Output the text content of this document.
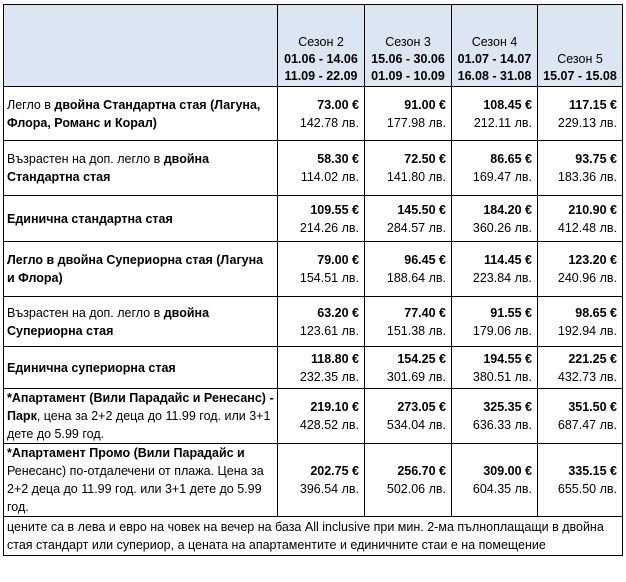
	Сезон 2
01.06 - 14.06
11.09 - 22.09	Сезон 3
15.06 - 30.06
01.09 - 10.09	Сезон 4
01.07 - 14.07
16.08 - 31.08	Сезон 5
15.07 - 15.08

Легло в двойна Стандартна стая (Лагуна, Флора, Романс и Корал)	73.00 €
142.78 лв.	91.00 €
177.98 лв.	108.45 €
212.11 лв.	117.15 €
229.13 лв.

Възрастен на доп. легло в двойна Стандартна стая	58.30 €
114.02 лв.	72.50 €
141.80 лв.	86.65 €
169.47 лв.	93.75 €
183.36 лв.

Единична стандартна стая	109.55 €
214.26 лв.	145.50 €
284.57 лв.	184.20 €
360.26 лв.	210.90 €
412.48 лв.

Легло в двойна Супериорна стая (Лагуна и Флора)	79.00 €
154.51 лв.	96.45 €
188.64 лв.	114.45 €
223.84 лв.	123.20 €
240.96 лв.

Възрастен на доп. легло в двойна Супериорна стая	63.20 €
123.61 лв.	77.40 €
151.38 лв.	91.55 €
179.06 лв.	98.65 €
192.94 лв.

Единична супериорна стая	118.80 €
232.35 лв.	154.25 €
301.69 лв.	194.55 €
380.51 лв.	221.25 €
432.73 лв.

*Апартамент (Вили Парадайс и Ренесанс) - Парк, цена за 2+2 деца до 11.99 год. или 3+1 дете до 5.99 год.	219.10 €
428.52 лв.	273.05 €
534.04 лв.	325.35 €
636.33 лв.	351.50 €
687.47 лв.

*Апартамент Промо (Вили Парадайс и Ренесанс) по-отдалечени от плажа. Цена за 2+2 деца до 11.99 год. или 3+1 дете до 5.99 год.	202.75 €
396.54 лв.	256.70 €
502.06 лв.	309.00 €
604.35 лв.	335.15 €
655.50 лв.

цените са в лева и евро на човек на вечер на база All inclusive при мин. 2-ма пълноплащащи в двойна стая стандарт или супериор, а цената на апартаментите и единичните стаи е на помещение				
